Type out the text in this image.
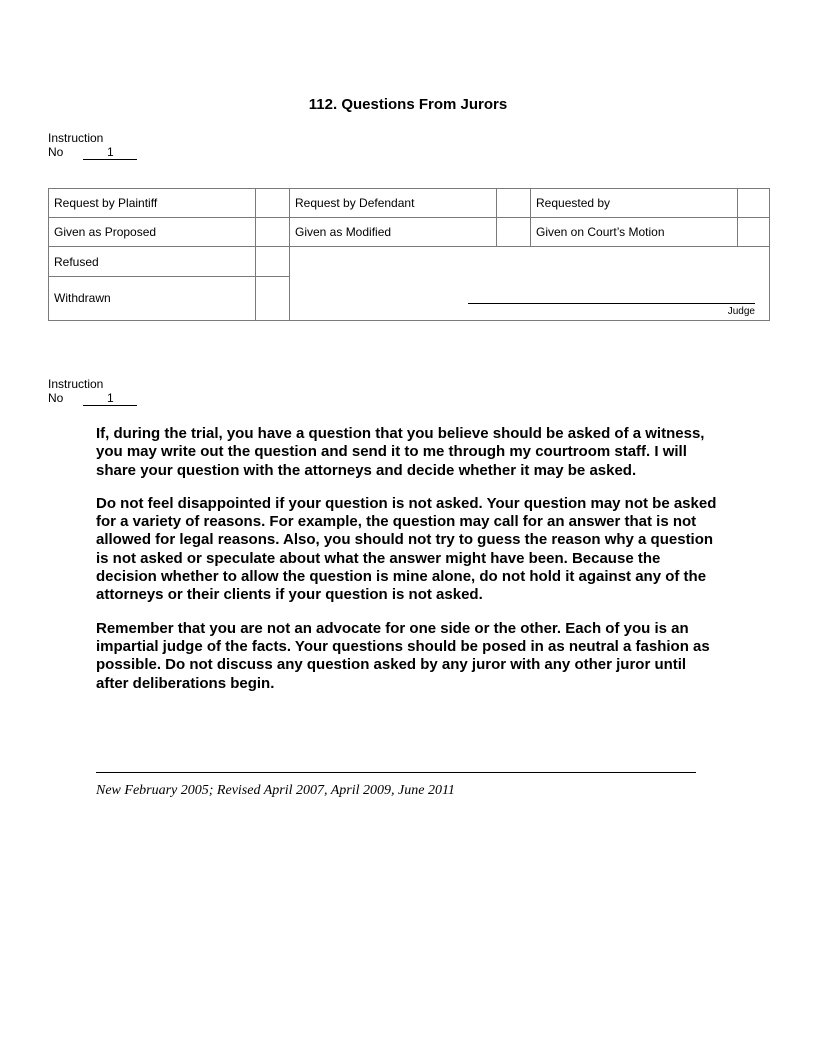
112. Questions From Jurors
Instruction
No	1
Request by Plaintiff		Request by Defendant		Requested by	
Given as Proposed		Given as Modified		Given on Court’s Motion	
Refused		Judge			

Withdrawn					
Instruction
No	1

If, during the trial, you have a question that you believe should be asked of a witness, you may write out the question and send it to me through my courtroom staff. I will share your question with the attorneys and decide whether it may be asked.

Do not feel disappointed if your question is not asked. Your question may not be asked for a variety of reasons. For example, the question may call for an answer that is not allowed for legal reasons. Also, you should not try to guess the reason why a question is not asked or speculate about what the answer might have been. Because the decision whether to allow the question is mine alone, do not hold it against any of the attorneys or their clients if your question is not asked.

Remember that you are not an advocate for one side or the other. Each of you is an impartial judge of the facts. Your questions should be posed in as neutral a fashion as possible. Do not discuss any question asked by any juror with any other juror until after deliberations begin.

New February 2005; Revised April 2007, April 2009, June 2011
